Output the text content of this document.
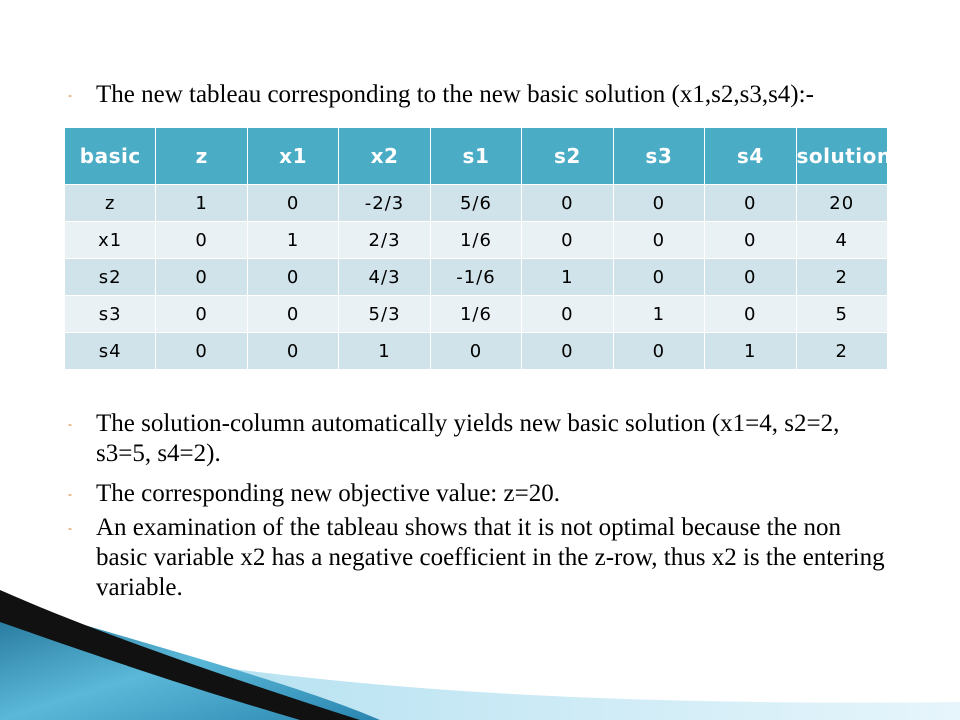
- The new tableau corresponding to the new basic solution (x1,s2,s3,s4):-
basic	z	x1	x2	s1	s2	s3	s4	solution
z	1	0	-2/3	5/6	0	0	0	20
x1	0	1	2/3	1/6	0	0	0	4
s2	0	0	4/3	-1/6	1	0	0	2
s3	0	0	5/3	1/6	0	1	0	5
s4	0	0	1	0	0	0	1	2
- The solution-column automatically yields new basic solution (x1=4, s2=2, s3=5, s4=2).
- The corresponding new objective value: z=20.
- An examination of the tableau shows that it is not optimal because the non basic variable x2 has a negative coefficient in the z-row, thus x2 is the entering variable.
